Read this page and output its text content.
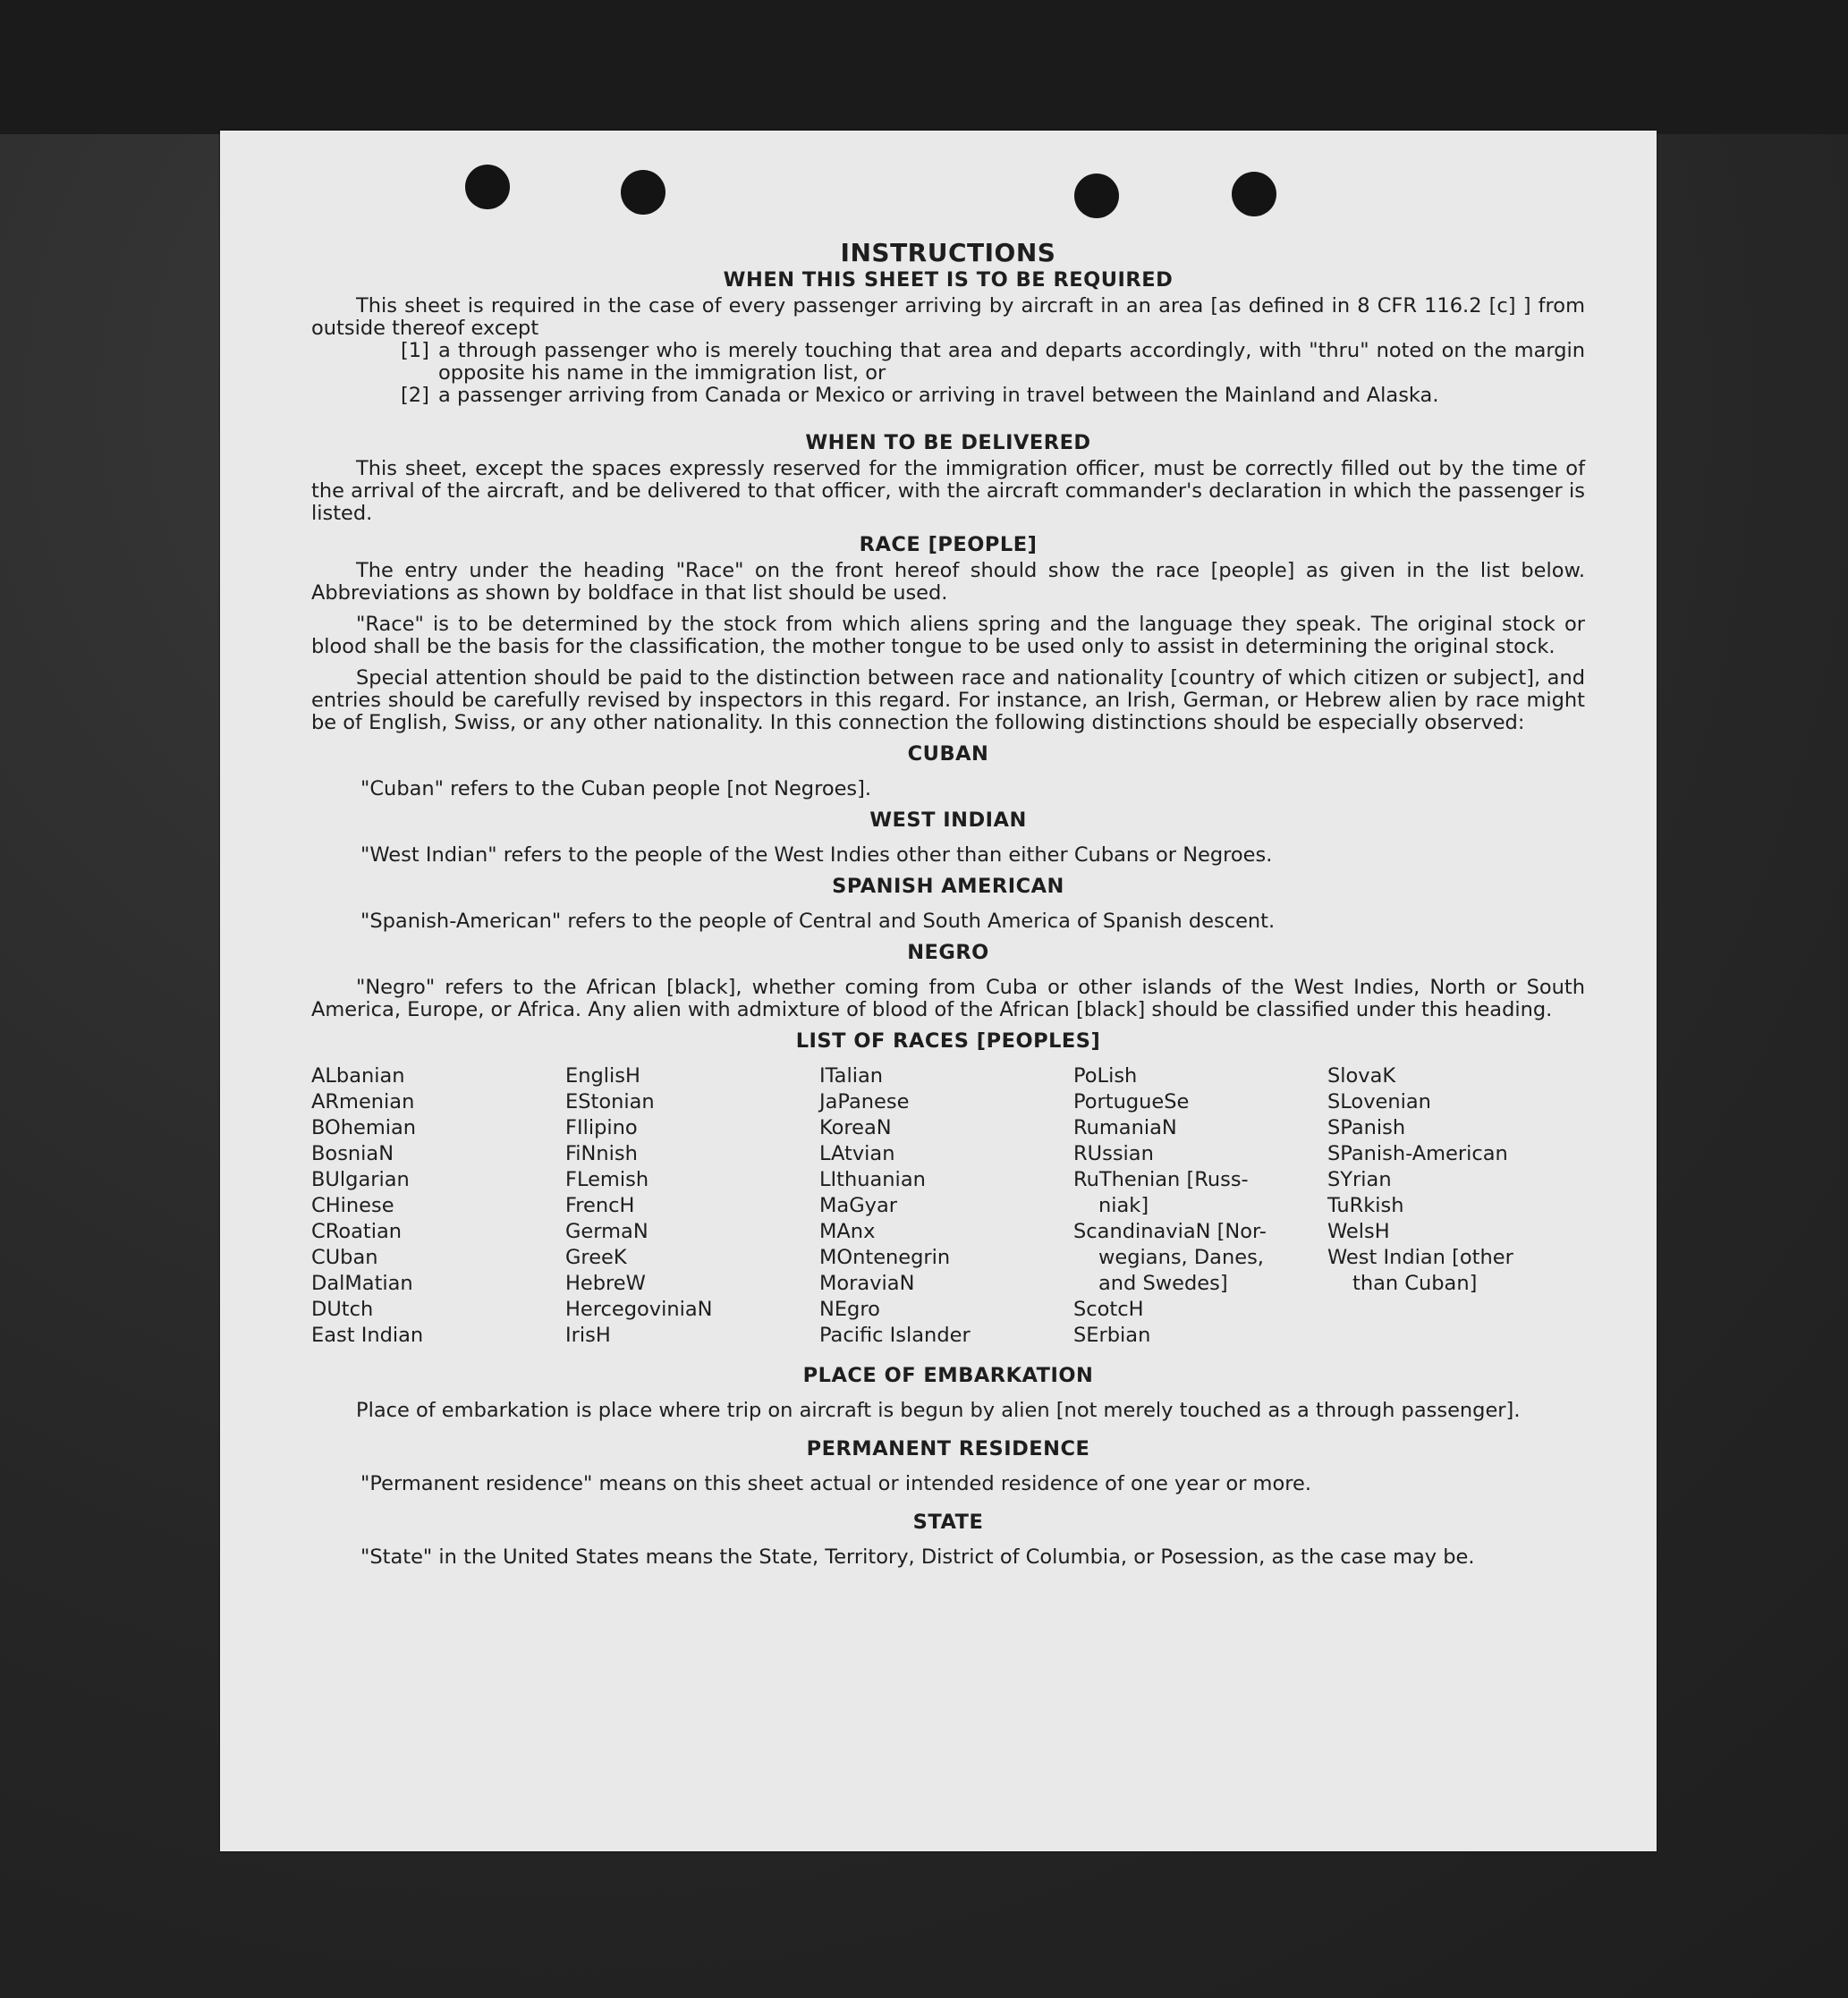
INSTRUCTIONS
WHEN THIS SHEET IS TO BE REQUIRED

This sheet is required in the case of every passenger arriving by aircraft in an area [as defined in 8 CFR 116.2 [c] ] from outside thereof except

[1] a through passenger who is merely touching that area and departs accordingly, with "thru" noted on the margin opposite his name in the immigration list, or
[2] a passenger arriving from Canada or Mexico or arriving in travel between the Mainland and Alaska.
WHEN TO BE DELIVERED

This sheet, except the spaces expressly reserved for the immigration officer, must be correctly filled out by the time of the arrival of the aircraft, and be delivered to that officer, with the aircraft commander's declaration in which the passenger is listed.

RACE [PEOPLE]

The entry under the heading "Race" on the front hereof should show the race [people] as given in the list below. Abbreviations as shown by boldface in that list should be used.

"Race" is to be determined by the stock from which aliens spring and the language they speak. The original stock or blood shall be the basis for the classification, the mother tongue to be used only to assist in determining the original stock.

Special attention should be paid to the distinction between race and nationality [country of which citizen or subject], and entries should be carefully revised by inspectors in this regard. For instance, an Irish, German, or Hebrew alien by race might be of English, Swiss, or any other nationality. In this connection the following distinctions should be especially observed:

CUBAN

"Cuban" refers to the Cuban people [not Negroes].

WEST INDIAN

"West Indian" refers to the people of the West Indies other than either Cubans or Negroes.

SPANISH AMERICAN

"Spanish-American" refers to the people of Central and South America of Spanish descent.

NEGRO

"Negro" refers to the African [black], whether coming from Cuba or other islands of the West Indies, North or South America, Europe, or Africa. Any alien with admixture of blood of the African [black] should be classified under this heading.

LIST OF RACES [PEOPLES]
ALbanian
ARmenian
BOhemian
BosniaN
BUlgarian
CHinese
CRoatian
CUban
DalMatian
DUtch
East Indian
EnglisH
EStonian
FIlipino
FiNnish
FLemish
FrencH
GermaN
GreeK
HebreW
HercegoviniaN
IrisH
ITalian
JaPanese
KoreaN
LAtvian
LIthuanian
MaGyar
MAnx
MOntenegrin
MoraviaN
NEgro
Pacific Islander
PoLish
PortugueSe
RumaniaN
RUssian
RuThenian [Russ-
niak]
ScandinaviaN [Nor-
wegians, Danes,
and Swedes]
ScotcH
SErbian
SlovaK
SLovenian
SPanish
SPanish-American
SYrian
TuRkish
WelsH
West Indian [other
than Cuban]
PLACE OF EMBARKATION

Place of embarkation is place where trip on aircraft is begun by alien [not merely touched as a through passenger].

PERMANENT RESIDENCE

"Permanent residence" means on this sheet actual or intended residence of one year or more.

STATE

"State" in the United States means the State, Territory, District of Columbia, or Posession, as the case may be.
